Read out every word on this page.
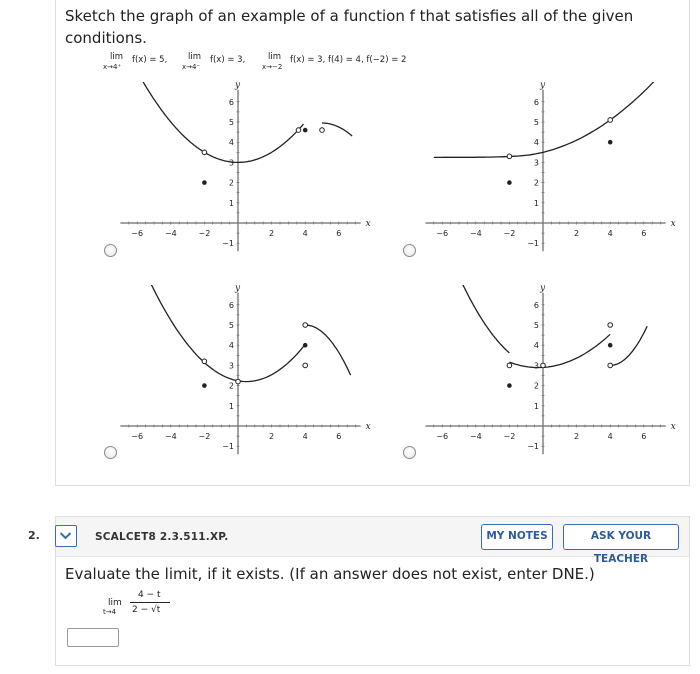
Sketch the graph of an example of a function f that satisfies all of the given conditions.
lim
x→4⁺
f(x) = 5, lim
x→4⁻
f(x) = 3,	lim
x→−2
f(x) = 3, f(4) = 4, f(−2) = 2
−6	−4	−2	2	4	6
−1
1
2
3
4
5
6
x
y
−6	−4	−2	2	4	6
−1
1
2
3
4
5
6
x
y
−6	−4	−2	2	4	6
−1
1
2
3
4
5
6
x
y
−6	−4	−2	2	4	6
−1
1
2
3
4
5
6
x
y
2.	SCALCET8 2.3.511.XP.	MY NOTES	ASK YOUR TEACHER
Evaluate the limit, if it exists. (If an answer does not exist, enter DNE.)
lim
t→4
4 − t
2 − √t
